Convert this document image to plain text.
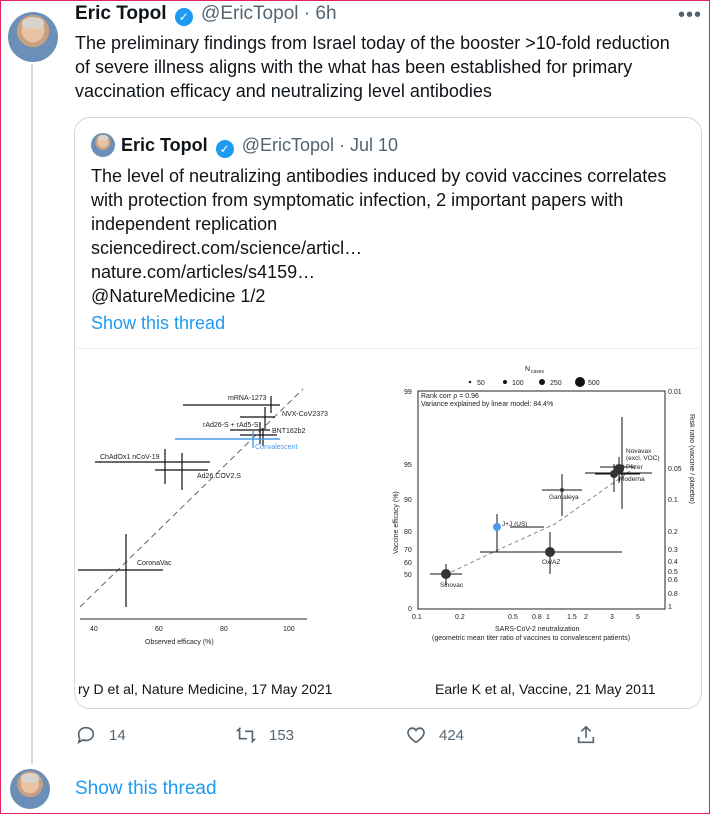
Eric Topol ✓ @EricTopol · 6h	•••
The preliminary findings from Israel today of the booster >10-fold reduction
of severe illness aligns with the what has been established for primary
vaccination efficacy and neutralizing level antibodies
Eric Topol ✓ @EricTopol · Jul 10
The level of neutralizing antibodies induced by covid vaccines correlates
with protection from symptomatic infection, 2 important papers with
independent replication
sciencedirect.com/science/articl…
nature.com/articles/s4159…
@NatureMedicine 1/2
Show this thread
mRNA-1273
NVX-CoV2373
rAd26-S + rAd5-S
BNT162b2
Convalescent
ChAdOx1 nCoV-19
Ad26.COV2.S
CoronaVac
40	60	80	100
Observed efficacy (%)
ry D et al, Nature Medicine, 17 May 2021
N cases
50	100	250	500
Rank corr ρ = 0.96
Variance explained by linear model: 84.4%
Novavax
(excl. VOC)
Pfizer
Moderna
Gamaleya
J+J (US)
Ox/AZ
Sinovac
99
95
90
80
70
60
50
0
0.01
0.05
0.1
0.2
0.3
0.4
0.5
0.6
0.8
1
0.1	0.2	0.5 0.8 1 1.5 2	3	5
SARS-CoV-2 neutralization
(geometric mean titer ratio of vaccines to convalescent patients)
Vaccine efficacy (%)
Risk ratio (vaccine / placebo)
Earle K et al, Vaccine, 21 May 2011
14	153	424
Show this thread
